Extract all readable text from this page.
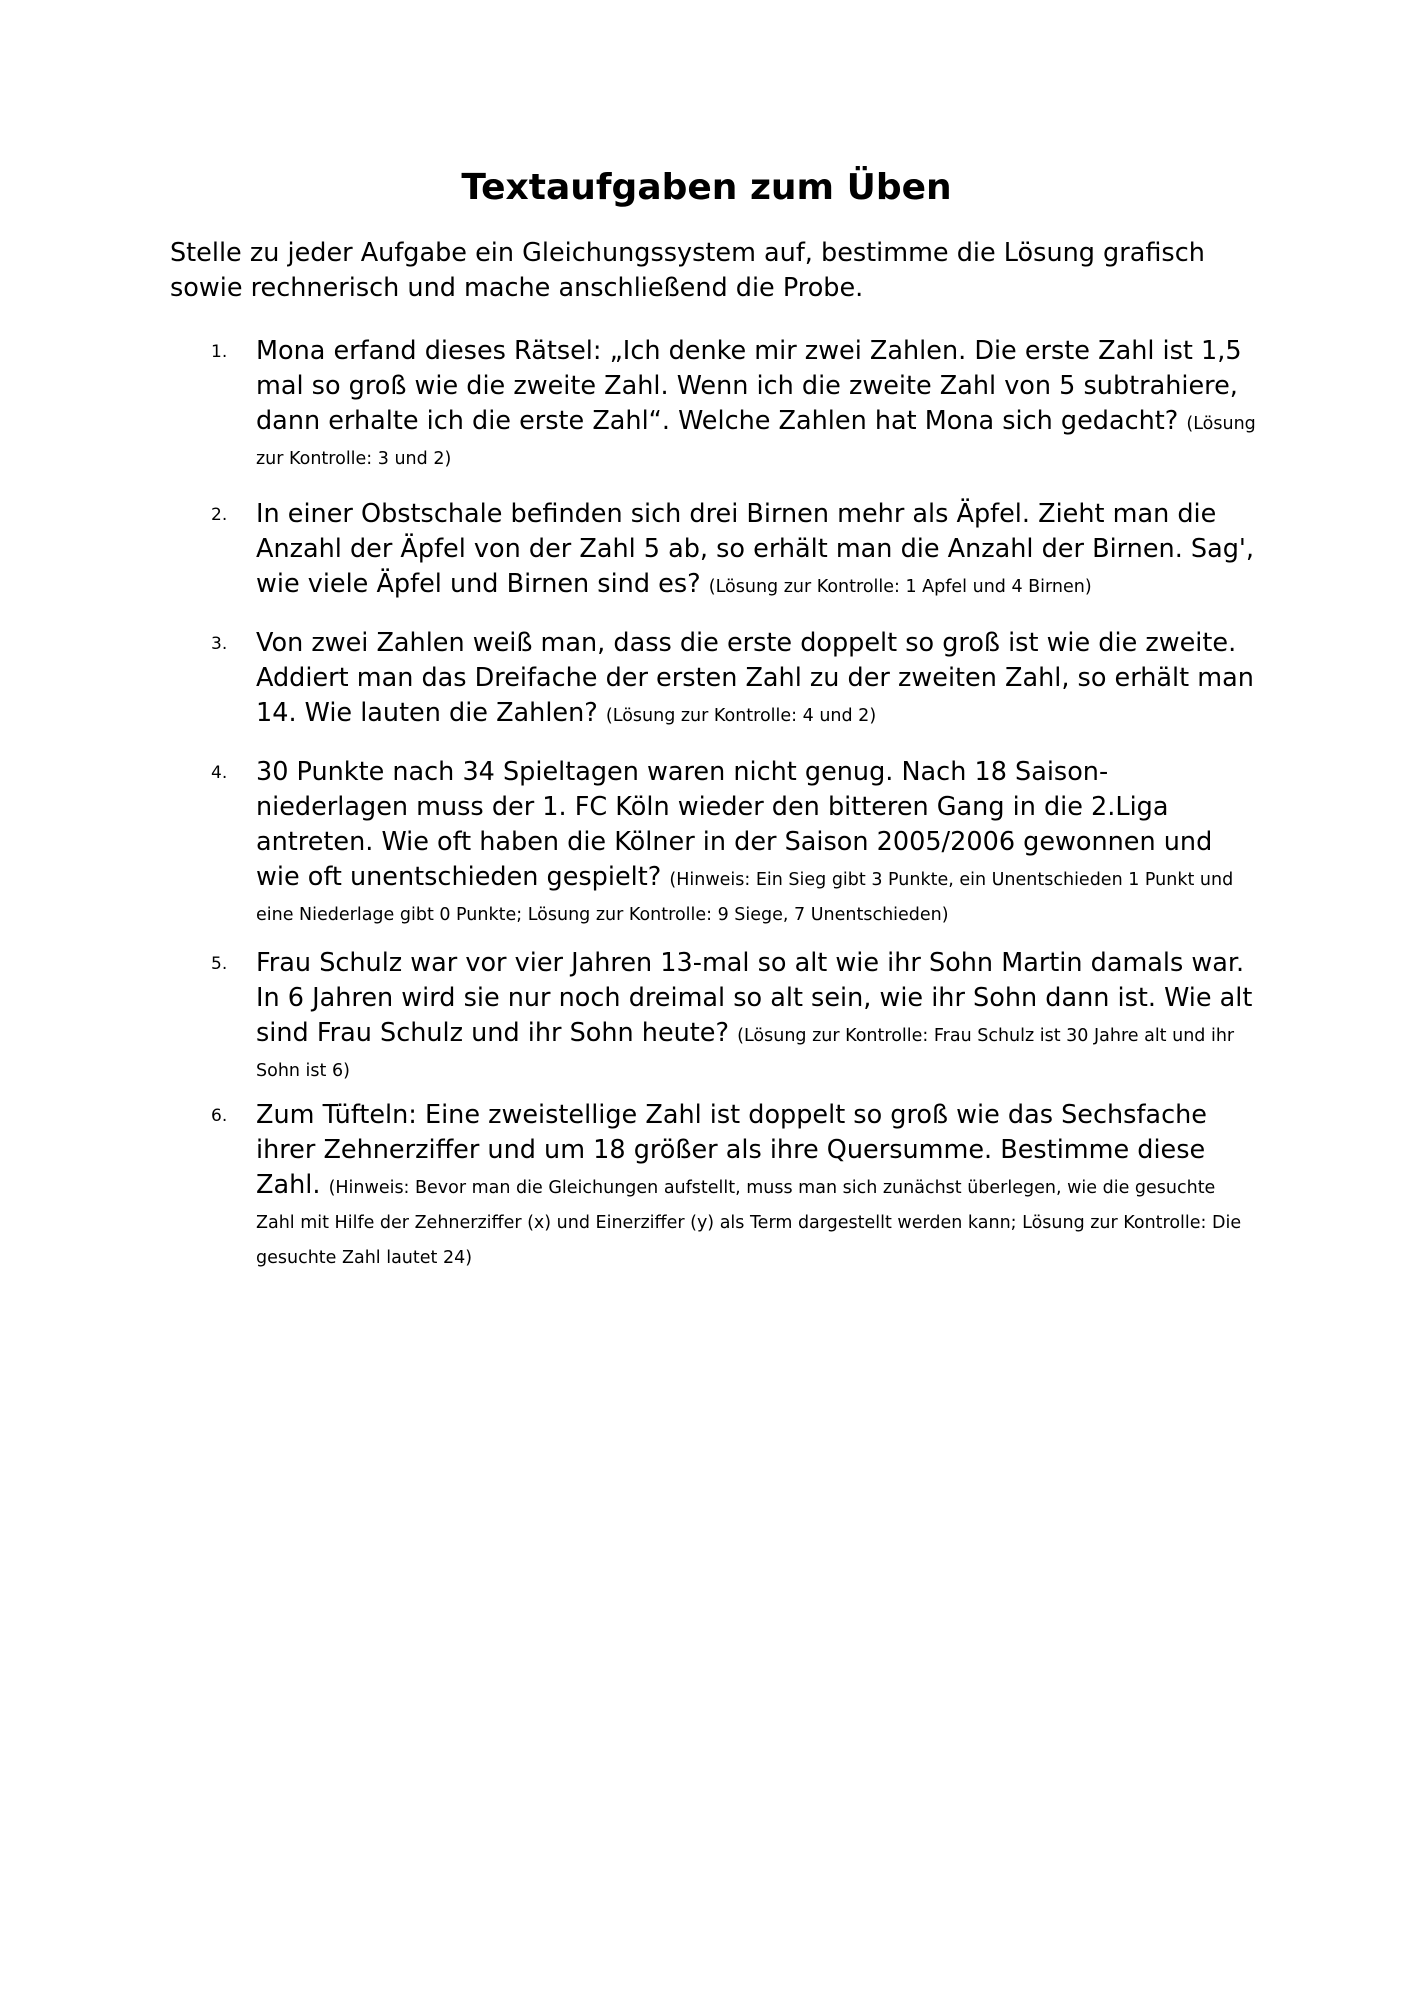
Textaufgaben zum Üben

Stelle zu jeder Aufgabe ein Gleichungssystem auf, bestimme die Lösung grafisch sowie rechnerisch und mache anschließend die Probe.

1. Mona erfand dieses Rätsel: „Ich denke mir zwei Zahlen. Die erste Zahl ist 1,5 mal so groß wie die zweite Zahl. Wenn ich die zweite Zahl von 5 subtrahiere, dann erhalte ich die erste Zahl“. Welche Zahlen hat Mona sich gedacht? (Lösung zur Kontrolle: 3 und 2)

2. In einer Obstschale befinden sich drei Birnen mehr als Äpfel. Zieht man die Anzahl der Äpfel von der Zahl 5 ab, so erhält man die Anzahl der Birnen. Sag', wie viele Äpfel und Birnen sind es? (Lösung zur Kontrolle: 1 Apfel und 4 Birnen)

3. Von zwei Zahlen weiß man, dass die erste doppelt so groß ist wie die zweite. Addiert man das Dreifache der ersten Zahl zu der zweiten Zahl, so erhält man 14. Wie lauten die Zahlen? (Lösung zur Kontrolle: 4 und 2)

4. 30 Punkte nach 34 Spieltagen waren nicht genug. Nach 18 Saison-niederlagen muss der 1. FC Köln wieder den bitteren Gang in die 2.Liga antreten. Wie oft haben die Kölner in der Saison 2005/2006 gewonnen und wie oft unentschieden gespielt? (Hinweis: Ein Sieg gibt 3 Punkte, ein Unentschieden 1 Punkt und eine Niederlage gibt 0 Punkte; Lösung zur Kontrolle: 9 Siege, 7 Unentschieden)

5. Frau Schulz war vor vier Jahren 13-mal so alt wie ihr Sohn Martin damals war. In 6 Jahren wird sie nur noch dreimal so alt sein, wie ihr Sohn dann ist. Wie alt sind Frau Schulz und ihr Sohn heute? (Lösung zur Kontrolle: Frau Schulz ist 30 Jahre alt und ihr Sohn ist 6)

6. Zum Tüfteln: Eine zweistellige Zahl ist doppelt so groß wie das Sechsfache ihrer Zehnerziffer und um 18 größer als ihre Quersumme. Bestimme diese Zahl. (Hinweis: Bevor man die Gleichungen aufstellt, muss man sich zunächst überlegen, wie die gesuchte Zahl mit Hilfe der Zehnerziffer (x) und Einerziffer (y) als Term dargestellt werden kann; Lösung zur Kontrolle: Die gesuchte Zahl lautet 24)
